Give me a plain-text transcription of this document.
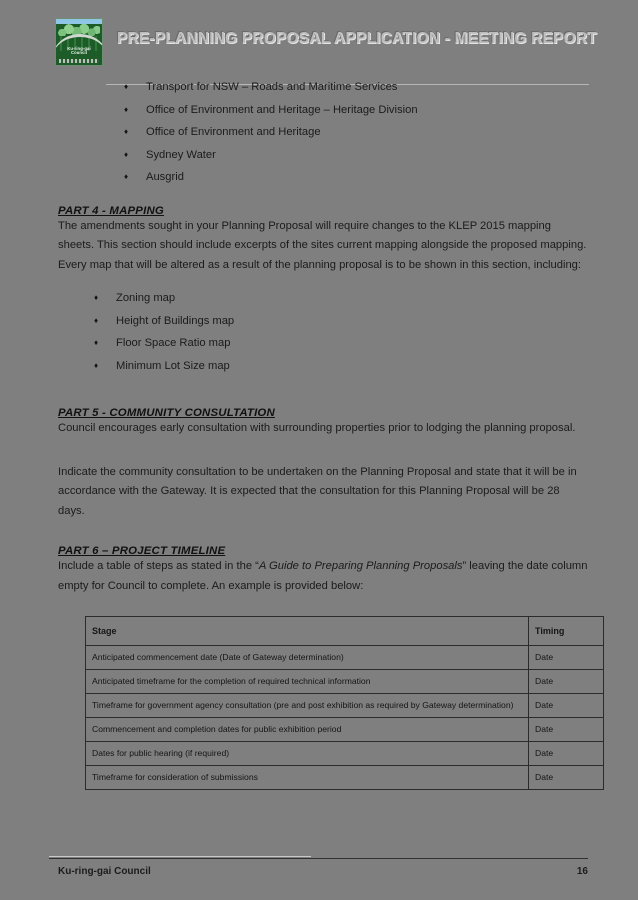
Ku-ring-gai
Council
PRE-PLANNING PROPOSAL APPLICATION - MEETING REPORT
♦ Transport for NSW – Roads and Maritime Services
♦ Office of Environment and Heritage – Heritage Division
♦ Office of Environment and Heritage
♦ Sydney Water
♦ Ausgrid
PART 4 - MAPPING

The amendments sought in your Planning Proposal will require changes to the KLEP 2015 mapping sheets. This section should include excerpts of the sites current mapping alongside the proposed mapping. Every map that will be altered as a result of the planning proposal is to be shown in this section, including:

♦ Zoning map
♦ Height of Buildings map
♦ Floor Space Ratio map
♦ Minimum Lot Size map
PART 5 - COMMUNITY CONSULTATION

Council encourages early consultation with surrounding properties prior to lodging the planning proposal.

Indicate the community consultation to be undertaken on the Planning Proposal and state that it will be in accordance with the Gateway. It is expected that the consultation for this Planning Proposal will be 28 days.

PART 6 – PROJECT TIMELINE

Include a table of steps as stated in the “A Guide to Preparing Planning Proposals” leaving the date column empty for Council to complete. An example is provided below:

Stage	Timing
Anticipated commencement date (Date of Gateway determination)	Date
Anticipated timeframe for the completion of required technical information	Date
Timeframe for government agency consultation (pre and post exhibition as required by Gateway determination)	Date
Commencement and completion dates for public exhibition period	Date
Dates for public hearing (if required)	Date
Timeframe for consideration of submissions	Date
Ku-ring-gai Council	16
